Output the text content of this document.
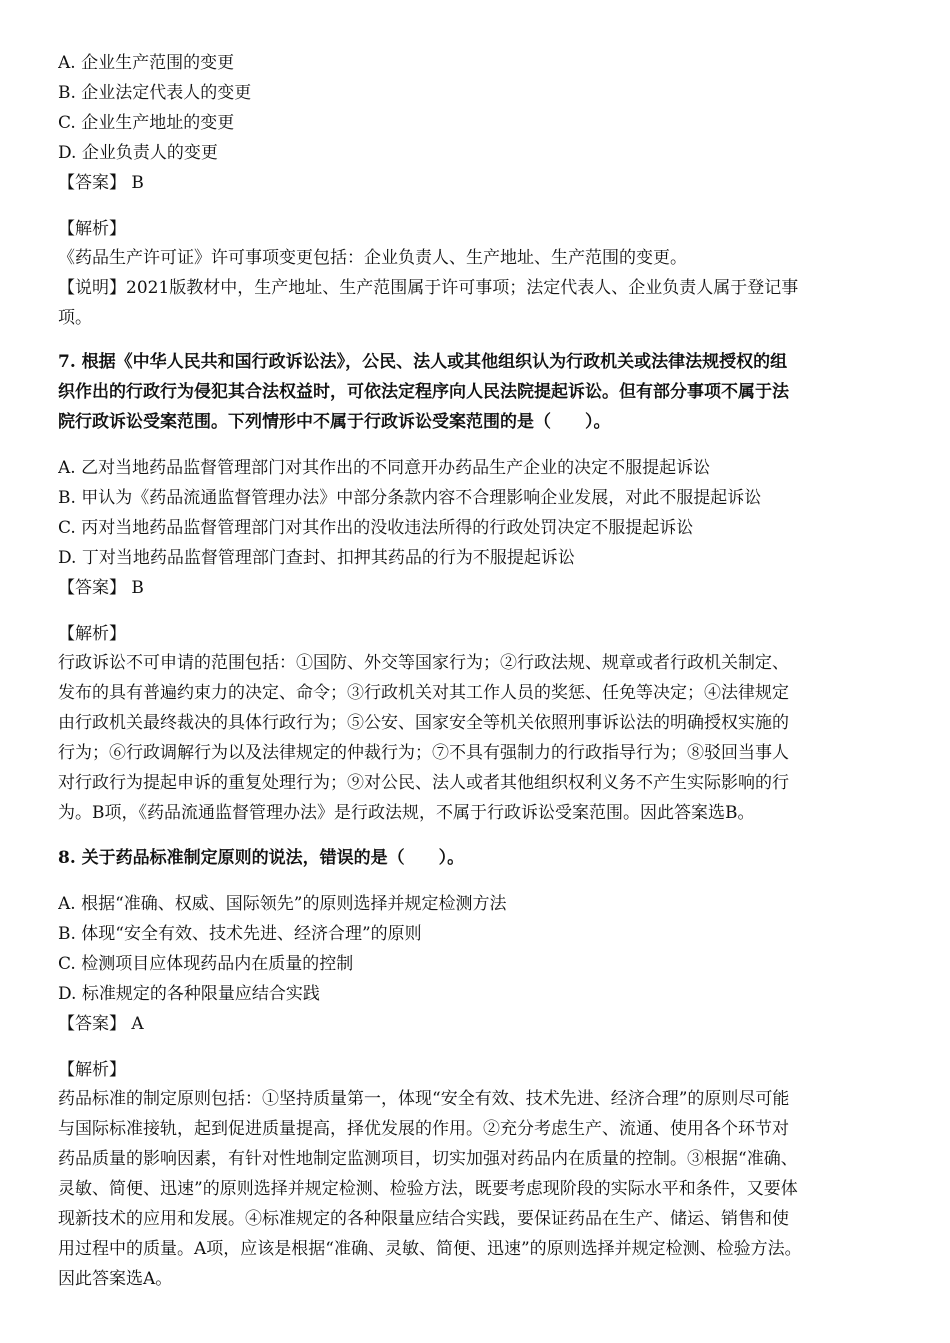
A. 企业生产范围的变更
B. 企业法定代表人的变更
C. 企业生产地址的变更
D. 企业负责人的变更
【答案】 B
【解析】
《药品生产许可证》许可事项变更包括：企业负责人、生产地址、生产范围的变更。
【说明】2021版教材中，生产地址、生产范围属于许可事项；法定代表人、企业负责人属于登记事
项。
7. 根据《中华人民共和国行政诉讼法》，公民、法人或其他组织认为行政机关或法律法规授权的组
织作出的行政行为侵犯其合法权益时，可依法定程序向人民法院提起诉讼。但有部分事项不属于法
院行政诉讼受案范围。下列情形中不属于行政诉讼受案范围的是（　　）。
A. 乙对当地药品监督管理部门对其作出的不同意开办药品生产企业的决定不服提起诉讼
B. 甲认为《药品流通监督管理办法》中部分条款内容不合理影响企业发展，对此不服提起诉讼
C. 丙对当地药品监督管理部门对其作出的没收违法所得的行政处罚决定不服提起诉讼
D. 丁对当地药品监督管理部门查封、扣押其药品的行为不服提起诉讼
【答案】 B
【解析】
行政诉讼不可申请的范围包括：①国防、外交等国家行为；②行政法规、规章或者行政机关制定、
发布的具有普遍约束力的决定、命令；③行政机关对其工作人员的奖惩、任免等决定；④法律规定
由行政机关最终裁决的具体行政行为；⑤公安、国家安全等机关依照刑事诉讼法的明确授权实施的
行为；⑥行政调解行为以及法律规定的仲裁行为；⑦不具有强制力的行政指导行为；⑧驳回当事人
对行政行为提起申诉的重复处理行为；⑨对公民、法人或者其他组织权利义务不产生实际影响的行
为。B项，《药品流通监督管理办法》是行政法规，不属于行政诉讼受案范围。因此答案选B。
8. 关于药品标准制定原则的说法，错误的是（　　）。
A. 根据“准确、权威、国际领先”的原则选择并规定检测方法
B. 体现“安全有效、技术先进、经济合理”的原则
C. 检测项目应体现药品内在质量的控制
D. 标准规定的各种限量应结合实践
【答案】 A
【解析】
药品标准的制定原则包括：①坚持质量第一，体现“安全有效、技术先进、经济合理”的原则尽可能
与国际标准接轨，起到促进质量提高，择优发展的作用。②充分考虑生产、流通、使用各个环节对
药品质量的影响因素，有针对性地制定监测项目，切实加强对药品内在质量的控制。③根据“准确、
灵敏、简便、迅速”的原则选择并规定检测、检验方法，既要考虑现阶段的实际水平和条件，又要体
现新技术的应用和发展。④标准规定的各种限量应结合实践，要保证药品在生产、储运、销售和使
用过程中的质量。A项，应该是根据“准确、灵敏、简便、迅速”的原则选择并规定检测、检验方法。
因此答案选A。
